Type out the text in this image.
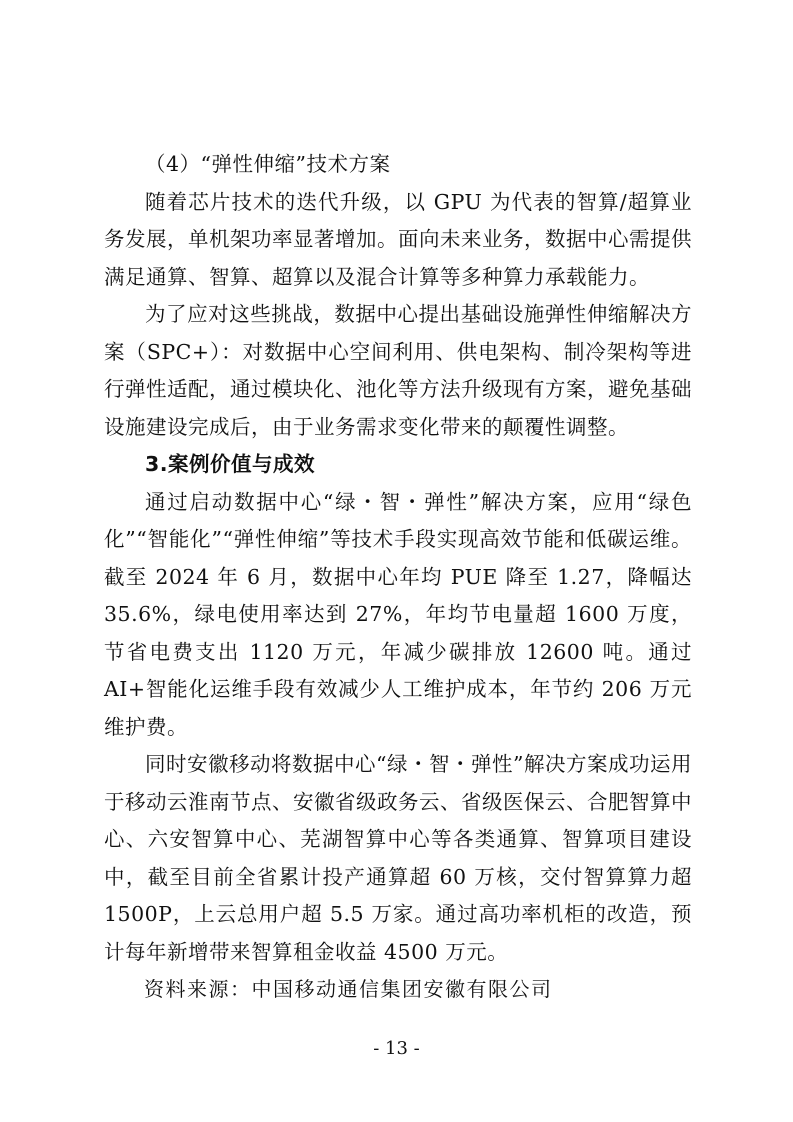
（4）“弹性伸缩”技术方案

随着芯片技术的迭代升级，以 GPU 为代表的智算/超算业务发展，单机架功率显著增加。面向未来业务，数据中心需提供满足通算、智算、超算以及混合计算等多种算力承载能力。

为了应对这些挑战，数据中心提出基础设施弹性伸缩解决方案（SPC+）：对数据中心空间利用、供电架构、制冷架构等进行弹性适配，通过模块化、池化等方法升级现有方案，避免基础设施建设完成后，由于业务需求变化带来的颠覆性调整。

3.案例价值与成效

通过启动数据中心“绿・智・弹性”解决方案，应用“绿色化”“智能化”“弹性伸缩”等技术手段实现高效节能和低碳运维。截至 2024 年 6 月，数据中心年均 PUE 降至 1.27，降幅达 35.6%，绿电使用率达到 27%，年均节电量超 1600 万度，节省电费支出 1120 万元，年减少碳排放 12600 吨。通过 AI+智能化运维手段有效减少人工维护成本，年节约 206 万元维护费。

同时安徽移动将数据中心“绿・智・弹性”解决方案成功运用于移动云淮南节点、安徽省级政务云、省级医保云、合肥智算中心、六安智算中心、芜湖智算中心等各类通算、智算项目建设中，截至目前全省累计投产通算超 60 万核，交付智算算力超 1500P，上云总用户超 5.5 万家。通过高功率机柜的改造，预计每年新增带来智算租金收益 4500 万元。

资料来源：中国移动通信集团安徽有限公司

- 13 -
